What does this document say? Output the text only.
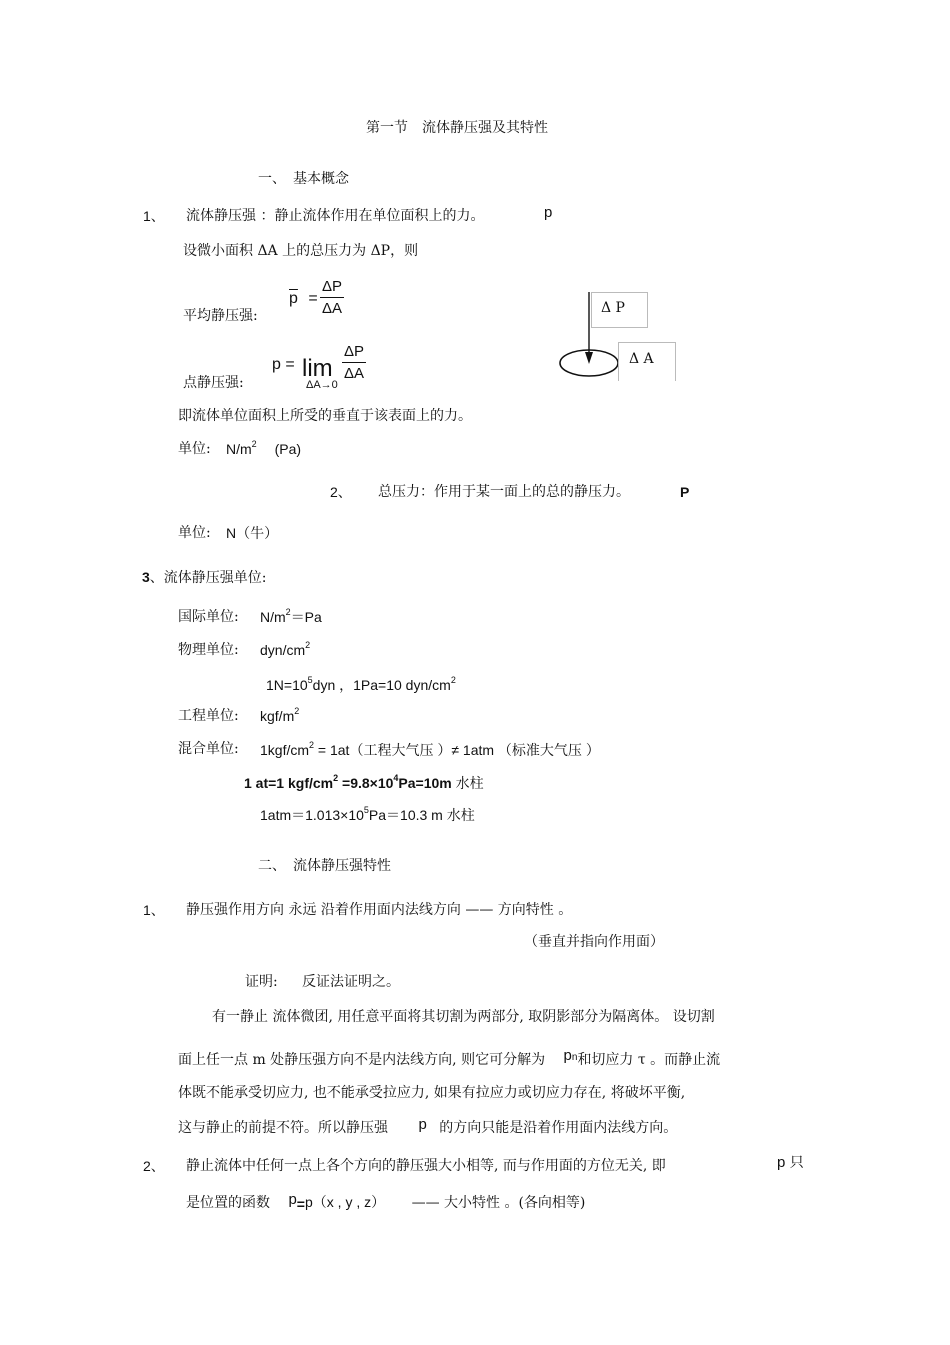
第一节　流体静压强及其特性
一、　基本概念
1、 流体静压强 ：静止流体作用在单位面积上的力。	p
设微小面积 ΔA 上的总压力为 ΔP，则
平均静压强:
$\overline{p} = \frac{\Delta P}{\Delta A}$
点静压强:
p = lim
ΔA→0
$\frac{\Delta P}{\Delta A}$
Δ P
Δ A
即流体单位面积上所受的垂直于该表面上的力。
单位: $N/m^2$ (Pa)
2、 总压力：作用于某一面上的总的静压力。	P
单位: N（牛）
3、流体静压强单位:
国际单位: $N/m^2=Pa$
物理单位: dyn/$cm^2$
$1N=10^5dyn$ ，1Pa=10 dyn/$cm^2$
工程单位: kgf/$m^2$
混合单位: $1kgf/cm^2 = 1at$（工程大气压 ）≠ 1atm （标准大气压 ）
1 at=1 kgf/$cm^2 =9.8\times 10^4Pa=10m$ 水柱
$1atm=1.013\times 10^5Pa=10.3$ m 水柱
二、　流体静压强特性
1、 静压强作用方向 永远 沿着作用面内法线方向 —— 方向特性 。
（垂直并指向作用面）
证明: 反证法证明之。
有一静止 流体微团, 用任意平面将其切割为两部分, 取阴影部分为隔离体。 设切割
面上任一点 m 处静压强方向不是内法线方向, 则它可分解为 pn和切应力 τ 。而静止流
体既不能承受切应力, 也不能承受拉应力, 如果有拉应力或切应力存在, 将破坏平衡,
这与静止的前提不符。所以静压强 p 的方向只能是沿着作用面内法线方向。
2、 静止流体中任何一点上各个方向的静压强大小相等, 而与作用面的方位无关, 即	p 只
是位置的函数 p=p（x , y , z） —— 大小特性 。(各向相等)
